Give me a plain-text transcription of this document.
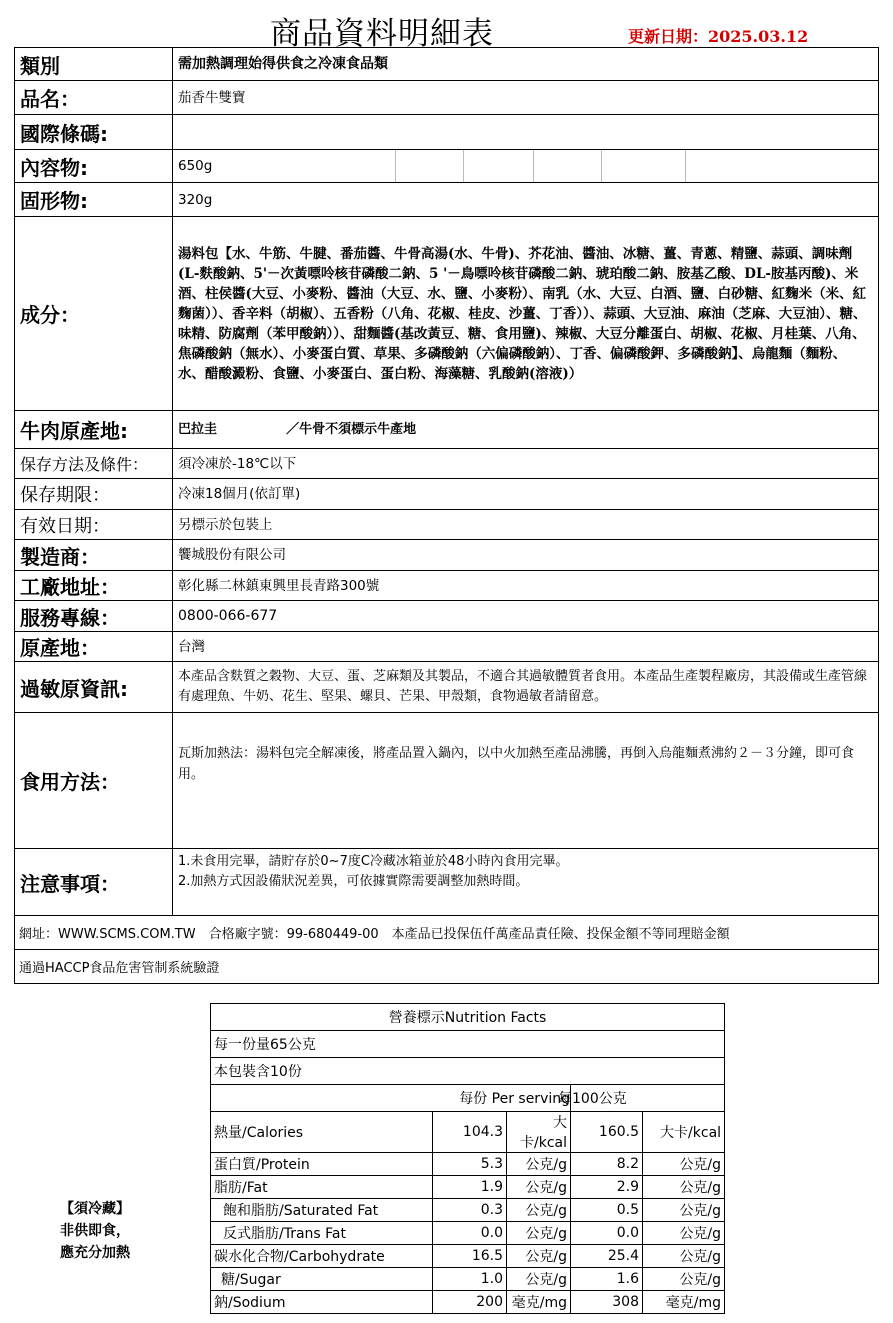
商品資料明細表	更新日期：2025.03.12
類別	需加熱調理始得供食之冷凍食品類
品名：	茄香牛雙寶
國際條碼:	
內容物:	650g

固形物:	320g
成分：	湯料包【水、牛筋、牛腱、番茄醬、牛骨高湯(水、牛骨)、芥花油、醬油、冰糖、薑、青蔥、精鹽、蒜頭、調味劑(L-麩酸鈉、5'－次黃嘌呤核苷磷酸二鈉、5 '－鳥嘌呤核苷磷酸二鈉、琥珀酸二鈉、胺基乙酸、DL-胺基丙酸)、米酒、柱侯醬(大豆、小麥粉、醬油（大豆、水、鹽、小麥粉）、南乳（水、大豆、白酒、鹽、白砂糖、紅麴米（米、紅麴菌））、香辛料（胡椒）、五香粉（八角、花椒、桂皮、沙薑、丁香））、蒜頭、大豆油、麻油（芝麻、大豆油）、糖、味精、防腐劑（苯甲酸鈉））、甜麵醬(基改黃豆、糖、食用鹽)、辣椒、大豆分離蛋白、胡椒、花椒、月桂葉、八角、焦磷酸鈉（無水）、小麥蛋白質、草果、多磷酸鈉（六偏磷酸鈉）、丁香、偏磷酸鉀、多磷酸鈉】、烏龍麵（麵粉、水、醋酸澱粉、食鹽、小麥蛋白、蛋白粉、海藻糖、乳酸鈉(溶液)）
牛肉原產地:	巴拉圭 ／牛骨不須標示牛產地
保存方法及條件：	須冷凍於-18℃以下
保存期限：	冷凍18個月(依訂單)
有效日期：	另標示於包裝上
製造商：	饗城股份有限公司
工廠地址：	彰化縣二林鎮東興里長青路300號
服務專線：	0800-066-677
原產地：	台灣
過敏原資訊:	本產品含麩質之穀物、大豆、蛋、芝麻類及其製品，不適合其過敏體質者食用。本產品生產製程廠房，其設備或生產管線有處理魚、牛奶、花生、堅果、螺貝、芒果、甲殼類，食物過敏者請留意。
食用方法：	瓦斯加熱法：湯料包完全解凍後，將產品置入鍋內，以中火加熱至產品沸騰，再倒入烏龍麵煮沸約２－３分鐘，即可食用。
注意事項：	1.未食用完畢，請貯存於0~7度C冷藏冰箱並於48小時內食用完畢。
2.加熱方式因設備狀況差異，可依據實際需要調整加熱時間。

網址：WWW.SCMS.COM.TW　合格廠字號：99-680449-00　本產品已投保伍仟萬產品責任險、投保金額不等同理賠金額	
通過HACCP食品危害管制系統驗證	
【須冷藏】
非供即食，
應充分加熱
營養標示Nutrition Facts				
每一份量65公克				
本包裝含10份				
每份 Per serving			每100公克	
熱量/Calories	104.3	大卡/kcal	160.5	大卡/kcal
蛋白質/Protein	5.3	公克/g	8.2	公克/g
脂肪/Fat	1.9	公克/g	2.9	公克/g
飽和脂肪/Saturated Fat	0.3	公克/g	0.5	公克/g
反式脂肪/Trans Fat	0.0	公克/g	0.0	公克/g
碳水化合物/Carbohydrate	16.5	公克/g	25.4	公克/g
糖/Sugar	1.0	公克/g	1.6	公克/g
鈉/Sodium	200	毫克/mg	308	毫克/mg
